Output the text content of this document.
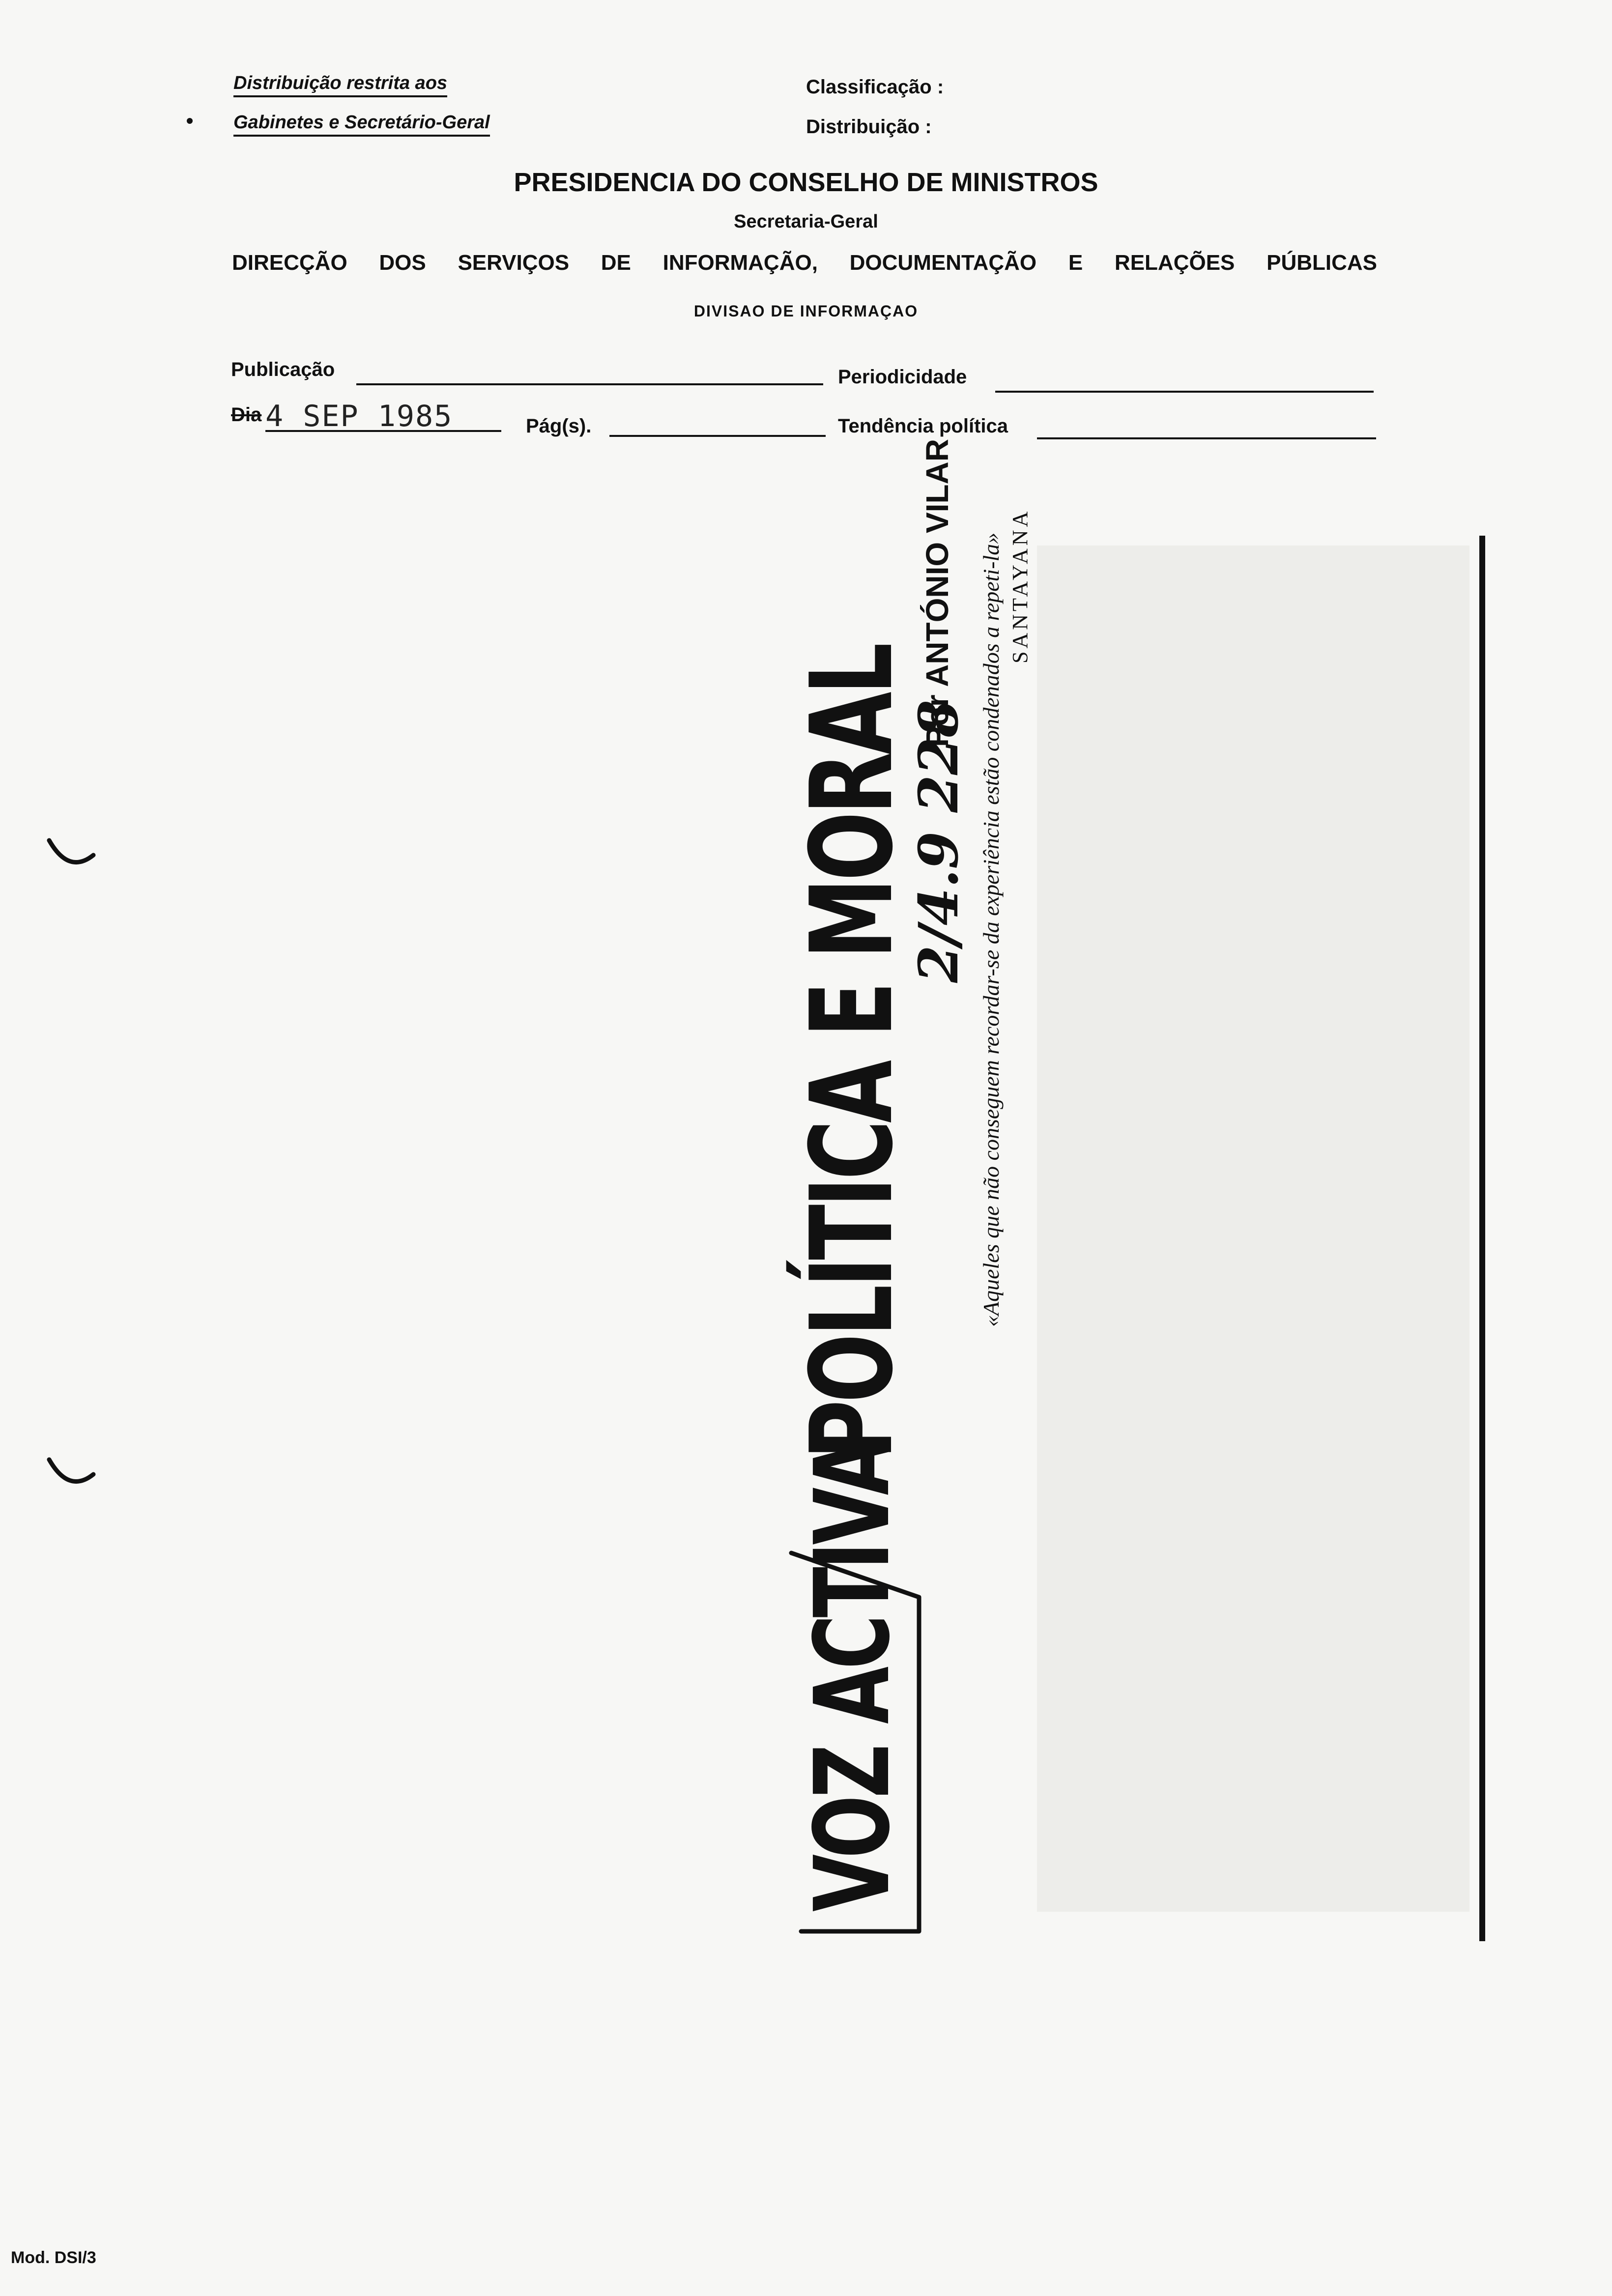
Distribuição restrita aos
Gabinetes e Secretário-Geral
Classificação :
Distribuição :
PRESIDENCIA DO CONSELHO DE MINISTROS
Secretaria-Geral
DIRECÇÃO DOS SERVIÇOS DE INFORMAÇÃO, DOCUMENTAÇÃO E RELAÇÕES PÚBLICAS
DIVISAO DE INFORMAÇAO
Publicação	Periodicidade
Dia 4 SEP 1985	Pág(s).	Tendência política
VOZ ACTIVA
POLÍTICA E MORAL
2/4.9 228
Por ANTÓNIO VILAR «Aqueles que não conseguem recordar-se da experiência estão condenados a repeti-la» SANTAYANA
Mod. DSI/3
